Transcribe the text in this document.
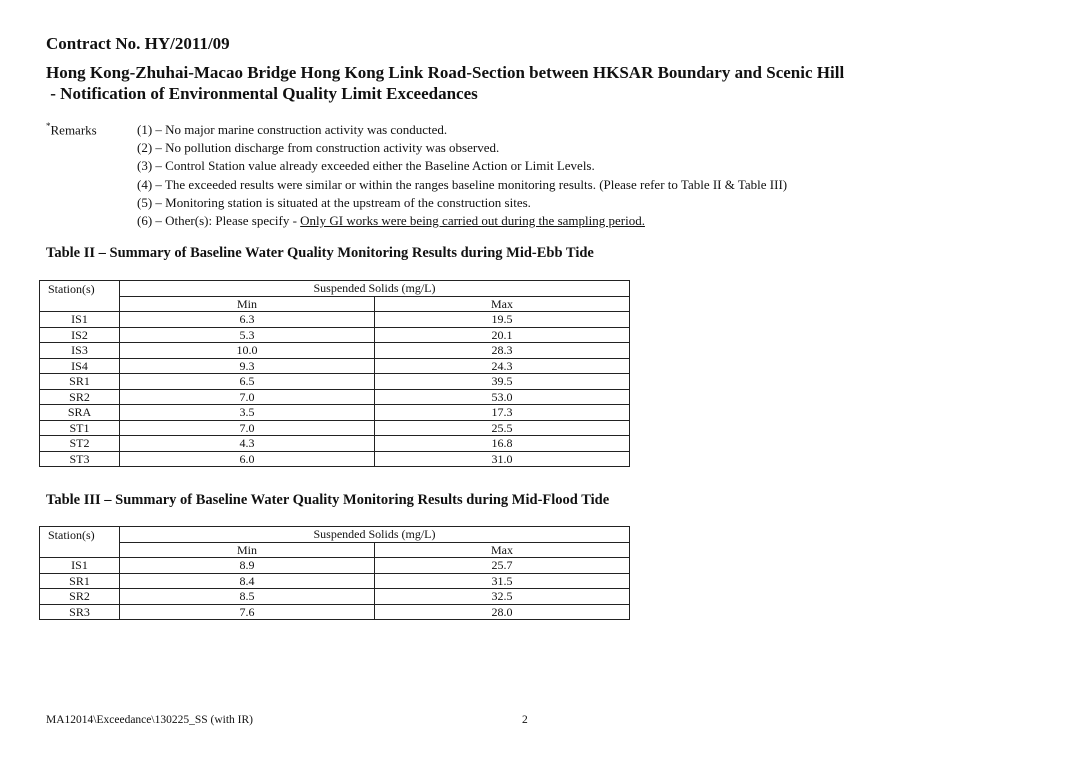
Contract No. HY/2011/09
Hong Kong-Zhuhai-Macao Bridge Hong Kong Link Road-Section between HKSAR Boundary and Scenic Hill
- Notification of Environmental Quality Limit Exceedances
*Remarks	(1) – No major marine construction activity was conducted.
(2) – No pollution discharge from construction activity was observed.
(3) – Control Station value already exceeded either the Baseline Action or Limit Levels.
(4) – The exceeded results were similar or within the ranges baseline monitoring results. (Please refer to Table II & Table III)
(5) – Monitoring station is situated at the upstream of the construction sites.
(6) – Other(s): Please specify - Only GI works were being carried out during the sampling period.
Table II – Summary of Baseline Water Quality Monitoring Results during Mid-Ebb Tide
Station(s)	Suspended Solids (mg/L)	
	Min	Max
IS1	6.3	19.5
IS2	5.3	20.1
IS3	10.0	28.3
IS4	9.3	24.3
SR1	6.5	39.5
SR2	7.0	53.0
SRA	3.5	17.3
ST1	7.0	25.5
ST2	4.3	16.8
ST3	6.0	31.0
Table III – Summary of Baseline Water Quality Monitoring Results during Mid-Flood Tide
Station(s)	Suspended Solids (mg/L)	
	Min	Max
IS1	8.9	25.7
SR1	8.4	31.5
SR2	8.5	32.5
SR3	7.6	28.0
MA12014\Exceedance\130225_SS (with IR)	2
